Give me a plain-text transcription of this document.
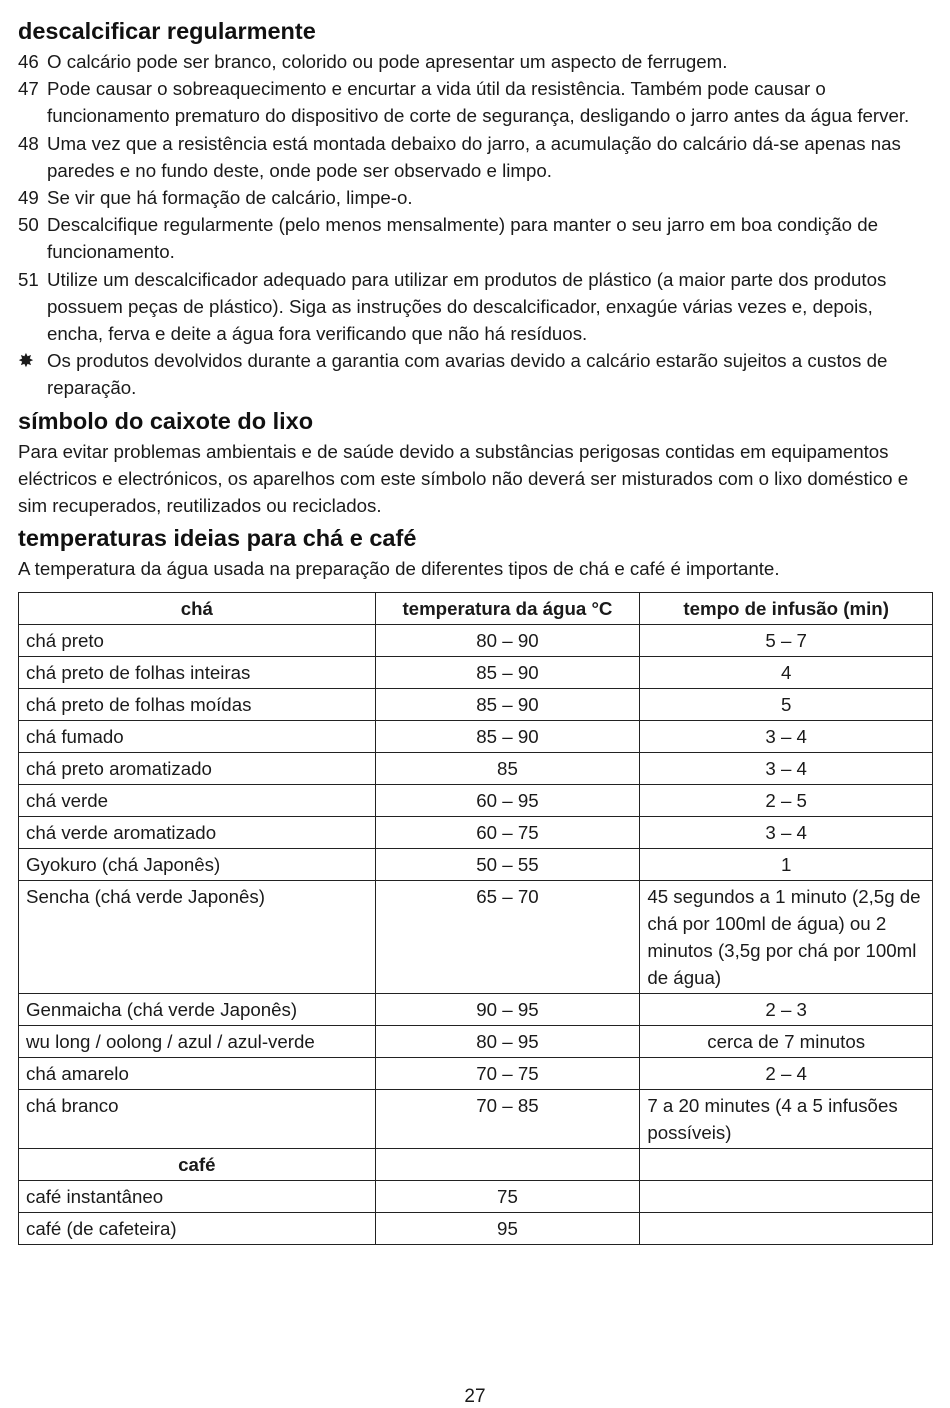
descalcificar regularmente
46 O calcário pode ser branco, colorido ou pode apresentar um aspecto de ferrugem.
47 Pode causar o sobreaquecimento e encurtar a vida útil da resistência. Também pode causar o funcionamento prematuro do dispositivo de corte de segurança, desligando o jarro antes da água ferver.
48 Uma vez que a resistência está montada debaixo do jarro, a acumulação do calcário dá-se apenas nas paredes e no fundo deste, onde pode ser observado e limpo.
49 Se vir que há formação de calcário, limpe-o.
50 Descalcifique regularmente (pelo menos mensalmente) para manter o seu jarro em boa condição de funcionamento.
51 Utilize um descalcificador adequado para utilizar em produtos de plástico (a maior parte dos produtos possuem peças de plástico). Siga as instruções do descalcificador, enxagúe várias vezes e, depois, encha, ferva e deite a água fora verificando que não há resíduos.
✸ Os produtos devolvidos durante a garantia com avarias devido a calcário estarão sujeitos a custos de reparação.
símbolo do caixote do lixo

Para evitar problemas ambientais e de saúde devido a substâncias perigosas contidas em equipamentos eléctricos e electrónicos, os aparelhos com este símbolo não deverá ser misturados com o lixo doméstico e sim recuperados, reutilizados ou reciclados.

temperaturas ideias para chá e café

A temperatura da água usada na preparação de diferentes tipos de chá e café é importante.

chá	temperatura da água °C	tempo de infusão (min)
chá preto	80 – 90	5 – 7
chá preto de folhas inteiras	85 – 90	4
chá preto de folhas moídas	85 – 90	5
chá fumado	85 – 90	3 – 4
chá preto aromatizado	85	3 – 4
chá verde	60 – 95	2 – 5
chá verde aromatizado	60 – 75	3 – 4
Gyokuro (chá Japonês)	50 – 55	1
Sencha (chá verde Japonês)	65 – 70	45 segundos a 1 minuto (2,5g de chá por 100ml de água) ou 2 minutos (3,5g por chá por 100ml de água)
Genmaicha (chá verde Japonês)	90 – 95	2 – 3
wu long / oolong / azul / azul-verde	80 – 95	cerca de 7 minutos
chá amarelo	70 – 75	2 – 4
chá branco	70 – 85	7 a 20 minutes (4 a 5 infusões possíveis)
café		
café instantâneo	75	
café (de cafeteira)	95	
27
